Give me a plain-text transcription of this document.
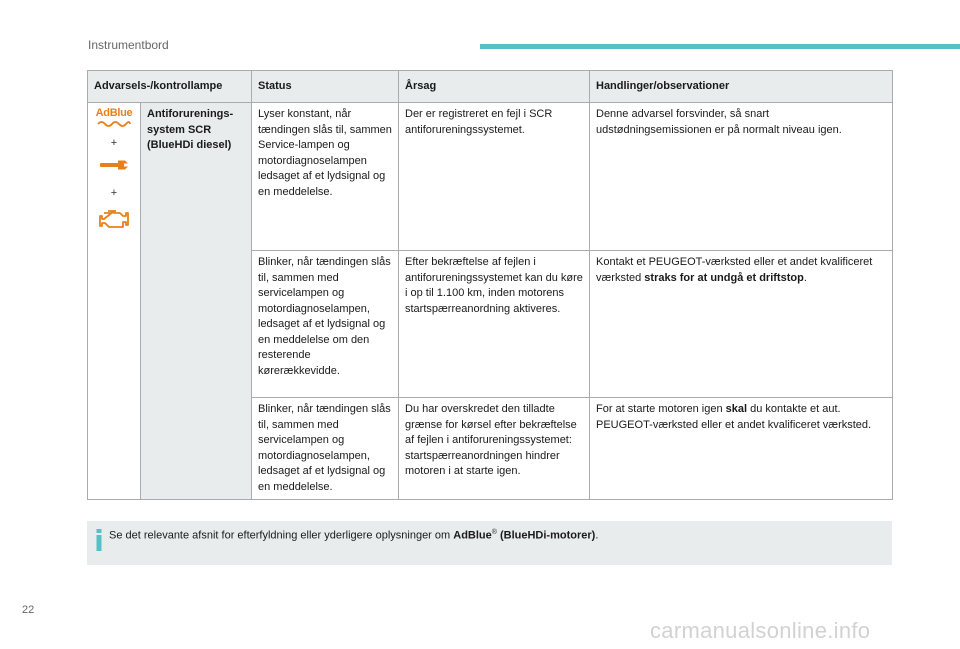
Instrumentbord
Advarsels-/kontrollampe		Status	Årsag	Handlinger/observationer

AdBlue
+
+	Antiforurenings-system SCR (BlueHDi diesel)	Lyser konstant, når tændingen slås til, sammen Service-lampen og motordiagnoselampen ledsaget af et lydsignal og en meddelelse.	Der er registreret en fejl i SCR antiforureningssystemet.	Denne advarsel forsvinder, så snart udstødningsemissionen er på normalt niveau igen.
		Blinker, når tændingen slås til, sammen med servicelampen og motordiagnoselampen, ledsaget af et lydsignal og en meddelelse om den resterende kørerækkevidde.	Efter bekræftelse af fejlen i antiforureningssystemet kan du køre i op til 1.100 km, inden motorens startspærreanordning aktiveres.	Kontakt et PEUGEOT-værksted eller et andet kvalificeret værksted straks for at undgå et driftstop.
		Blinker, når tændingen slås til, sammen med servicelampen og motordiagnoselampen, ledsaget af et lydsignal og en meddelelse.	Du har overskredet den tilladte grænse for kørsel efter bekræftelse af fejlen i antiforureningssystemet: startspærreanordningen hindrer motoren i at starte igen.	For at starte motoren igen skal du kontakte et aut. PEUGEOT-værksted eller et andet kvalificeret værksted.
Se det relevante afsnit for efterfyldning eller yderligere oplysninger om AdBlue® (BlueHDi-motorer).
22
carmanualsonline.info
